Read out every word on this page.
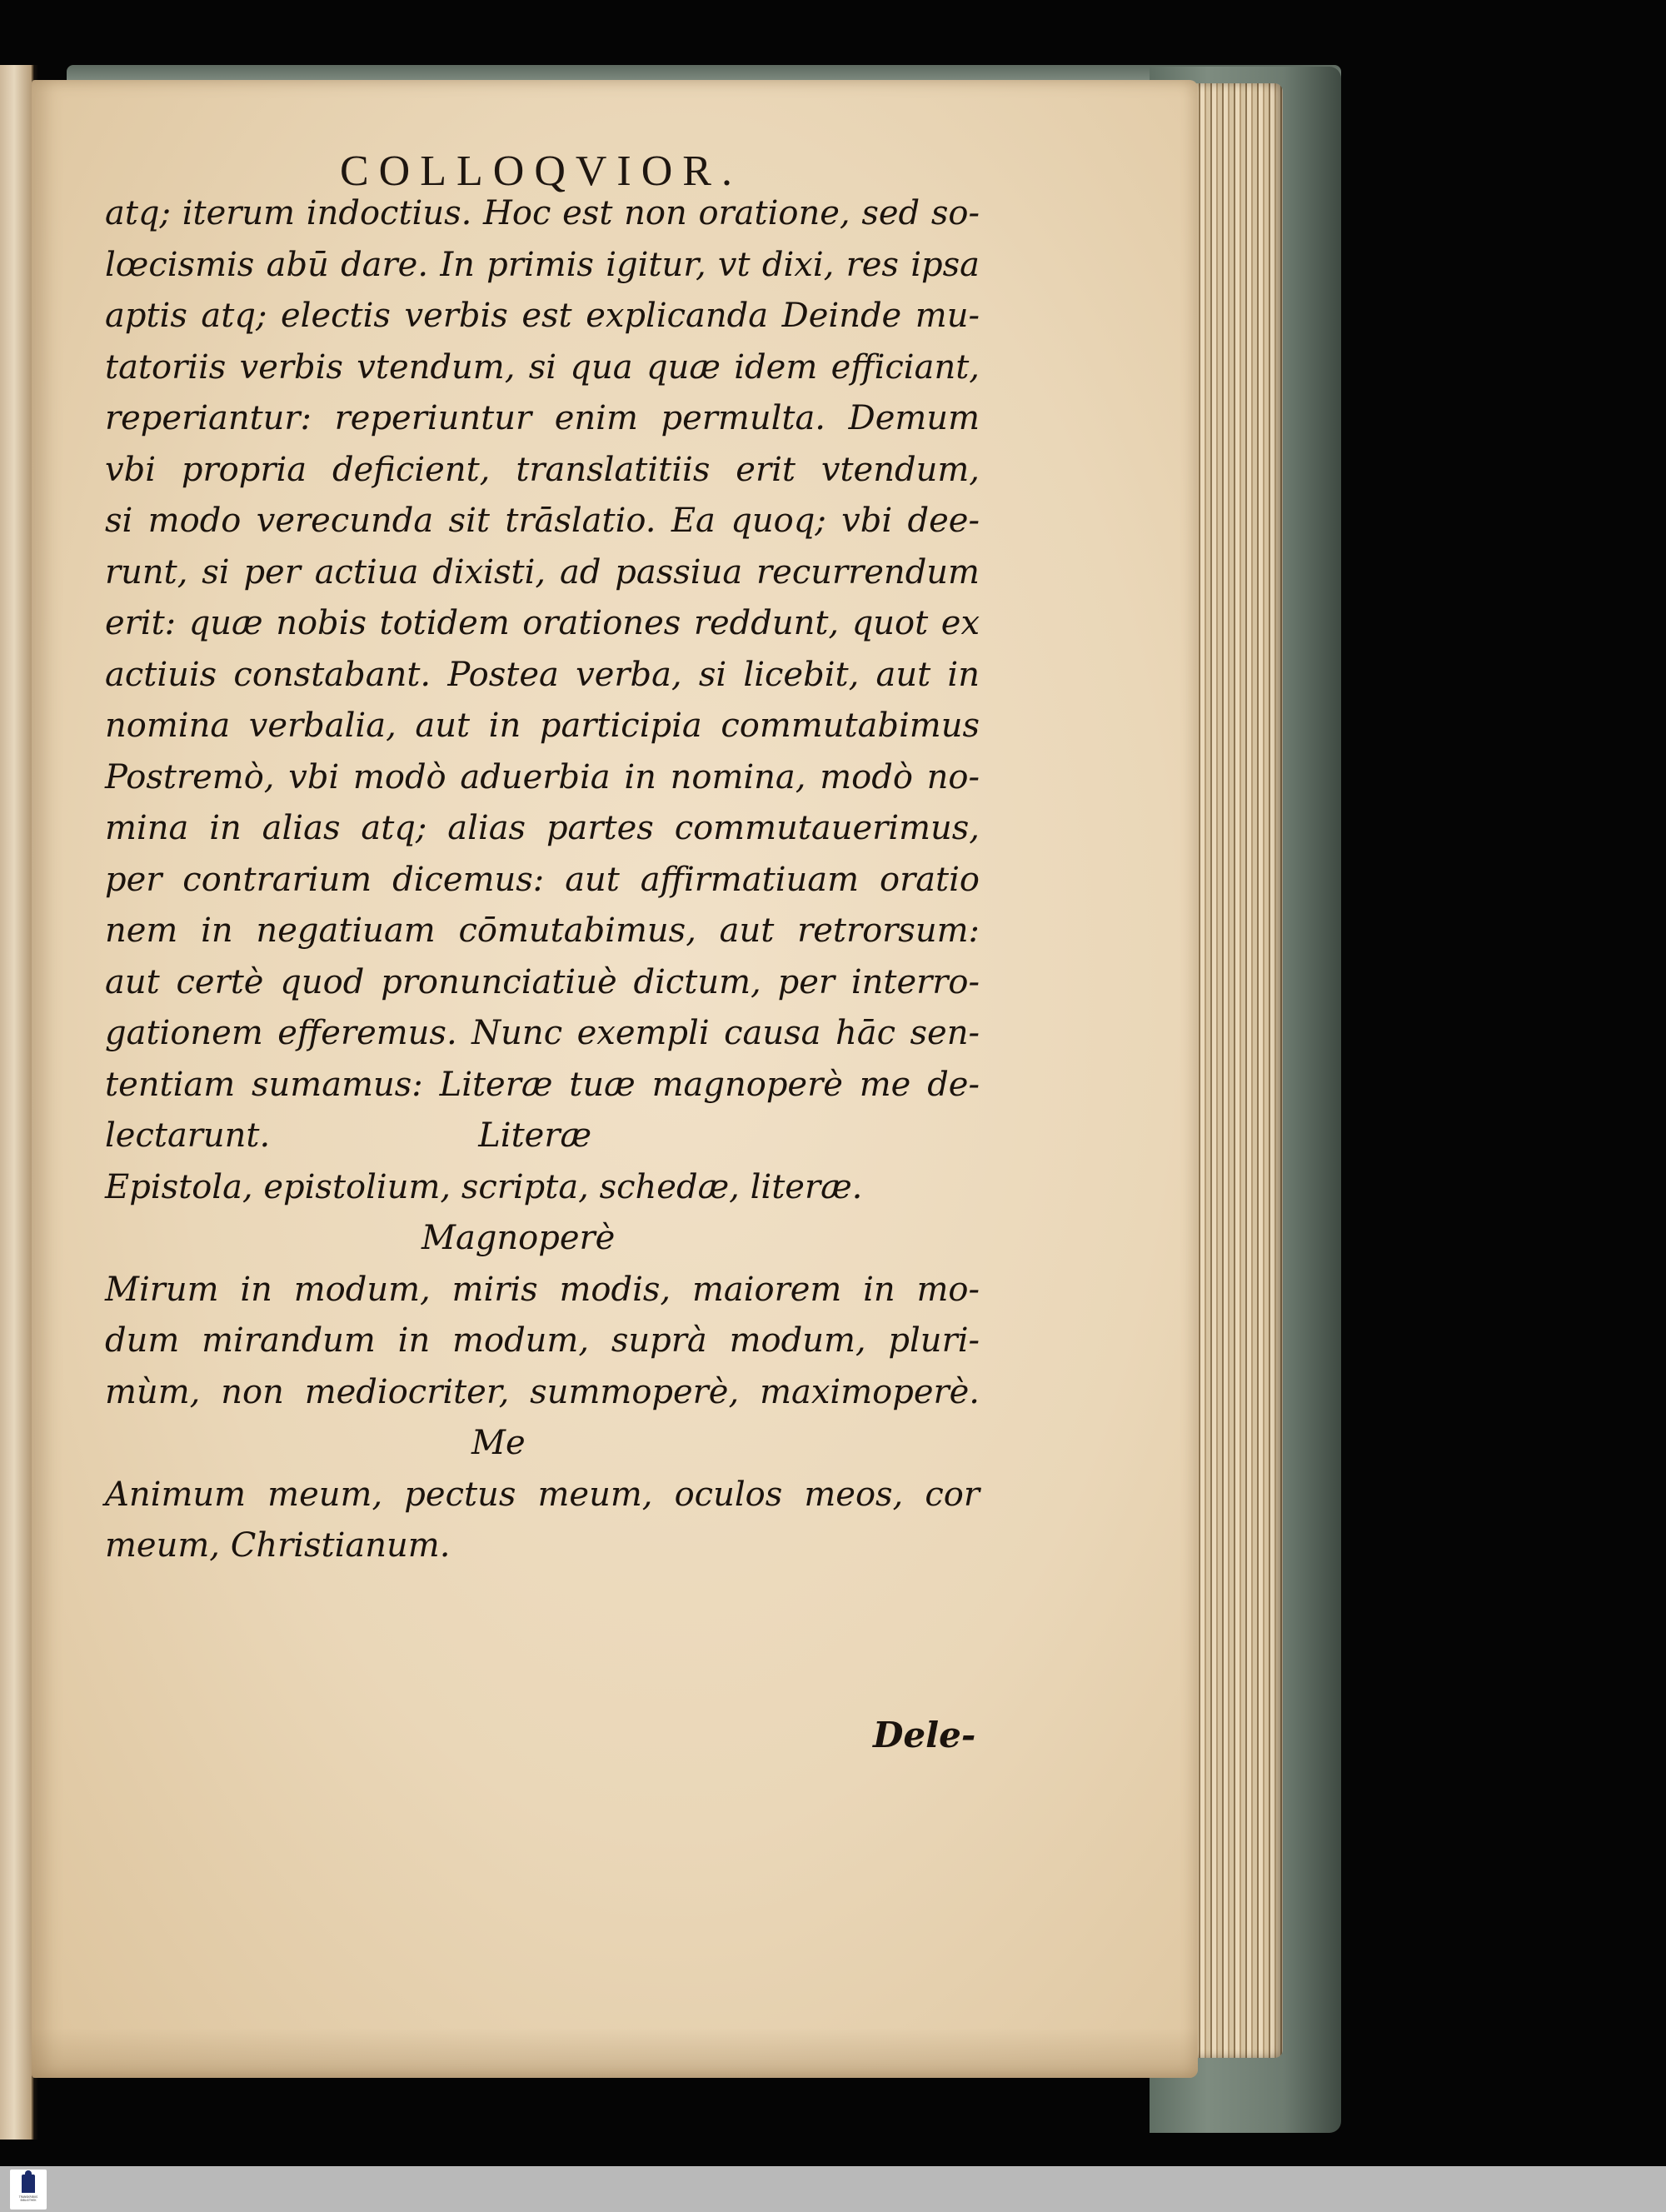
COLLOQVIOR.
atq; iterum indoctius. Hoc est non oratione, sed so-
lœcismis abū dare. In primis igitur, vt dixi, res ipsa
aptis atq; electis verbis est explicanda Deinde mu-
tatoriis verbis vtendum, si qua quæ idem efficiant,
reperiantur: reperiuntur enim permulta. Demum
vbi propria deficient, translatitiis erit vtendum,
si modo verecunda sit trāslatio. Ea quoq; vbi dee-
runt, si per actiua dixisti, ad passiua recurrendum
erit: quæ nobis totidem orationes reddunt, quot ex
actiuis constabant. Postea verba, si licebit, aut in
nomina verbalia, aut in participia commutabimus
Postremò, vbi modò aduerbia in nomina, modò no-
mina in alias atq; alias partes commutauerimus,
per contrarium dicemus: aut affirmatiuam oratio
nem in negatiuam cōmutabimus, aut retrorsum:
aut certè quod pronunciatiuè dictum, per interro-
gationem efferemus. Nunc exempli causa hāc sen-
tentiam sumamus: Literæ tuæ magnoperè me de-
lectarunt.	Literæ
Epistola, epistolium, scripta, schedæ, literæ.
Magnoperè
Mirum in modum, miris modis, maiorem in mo-
dum mirandum in modum, suprà modum, pluri-
mùm, non mediocriter, summoperè, maximoperè.
Me
Animum meum, pectus meum, oculos meos, cor
meum, Christianum.
Dele-
TRANSKRIBUS BIBLIOTHEK
